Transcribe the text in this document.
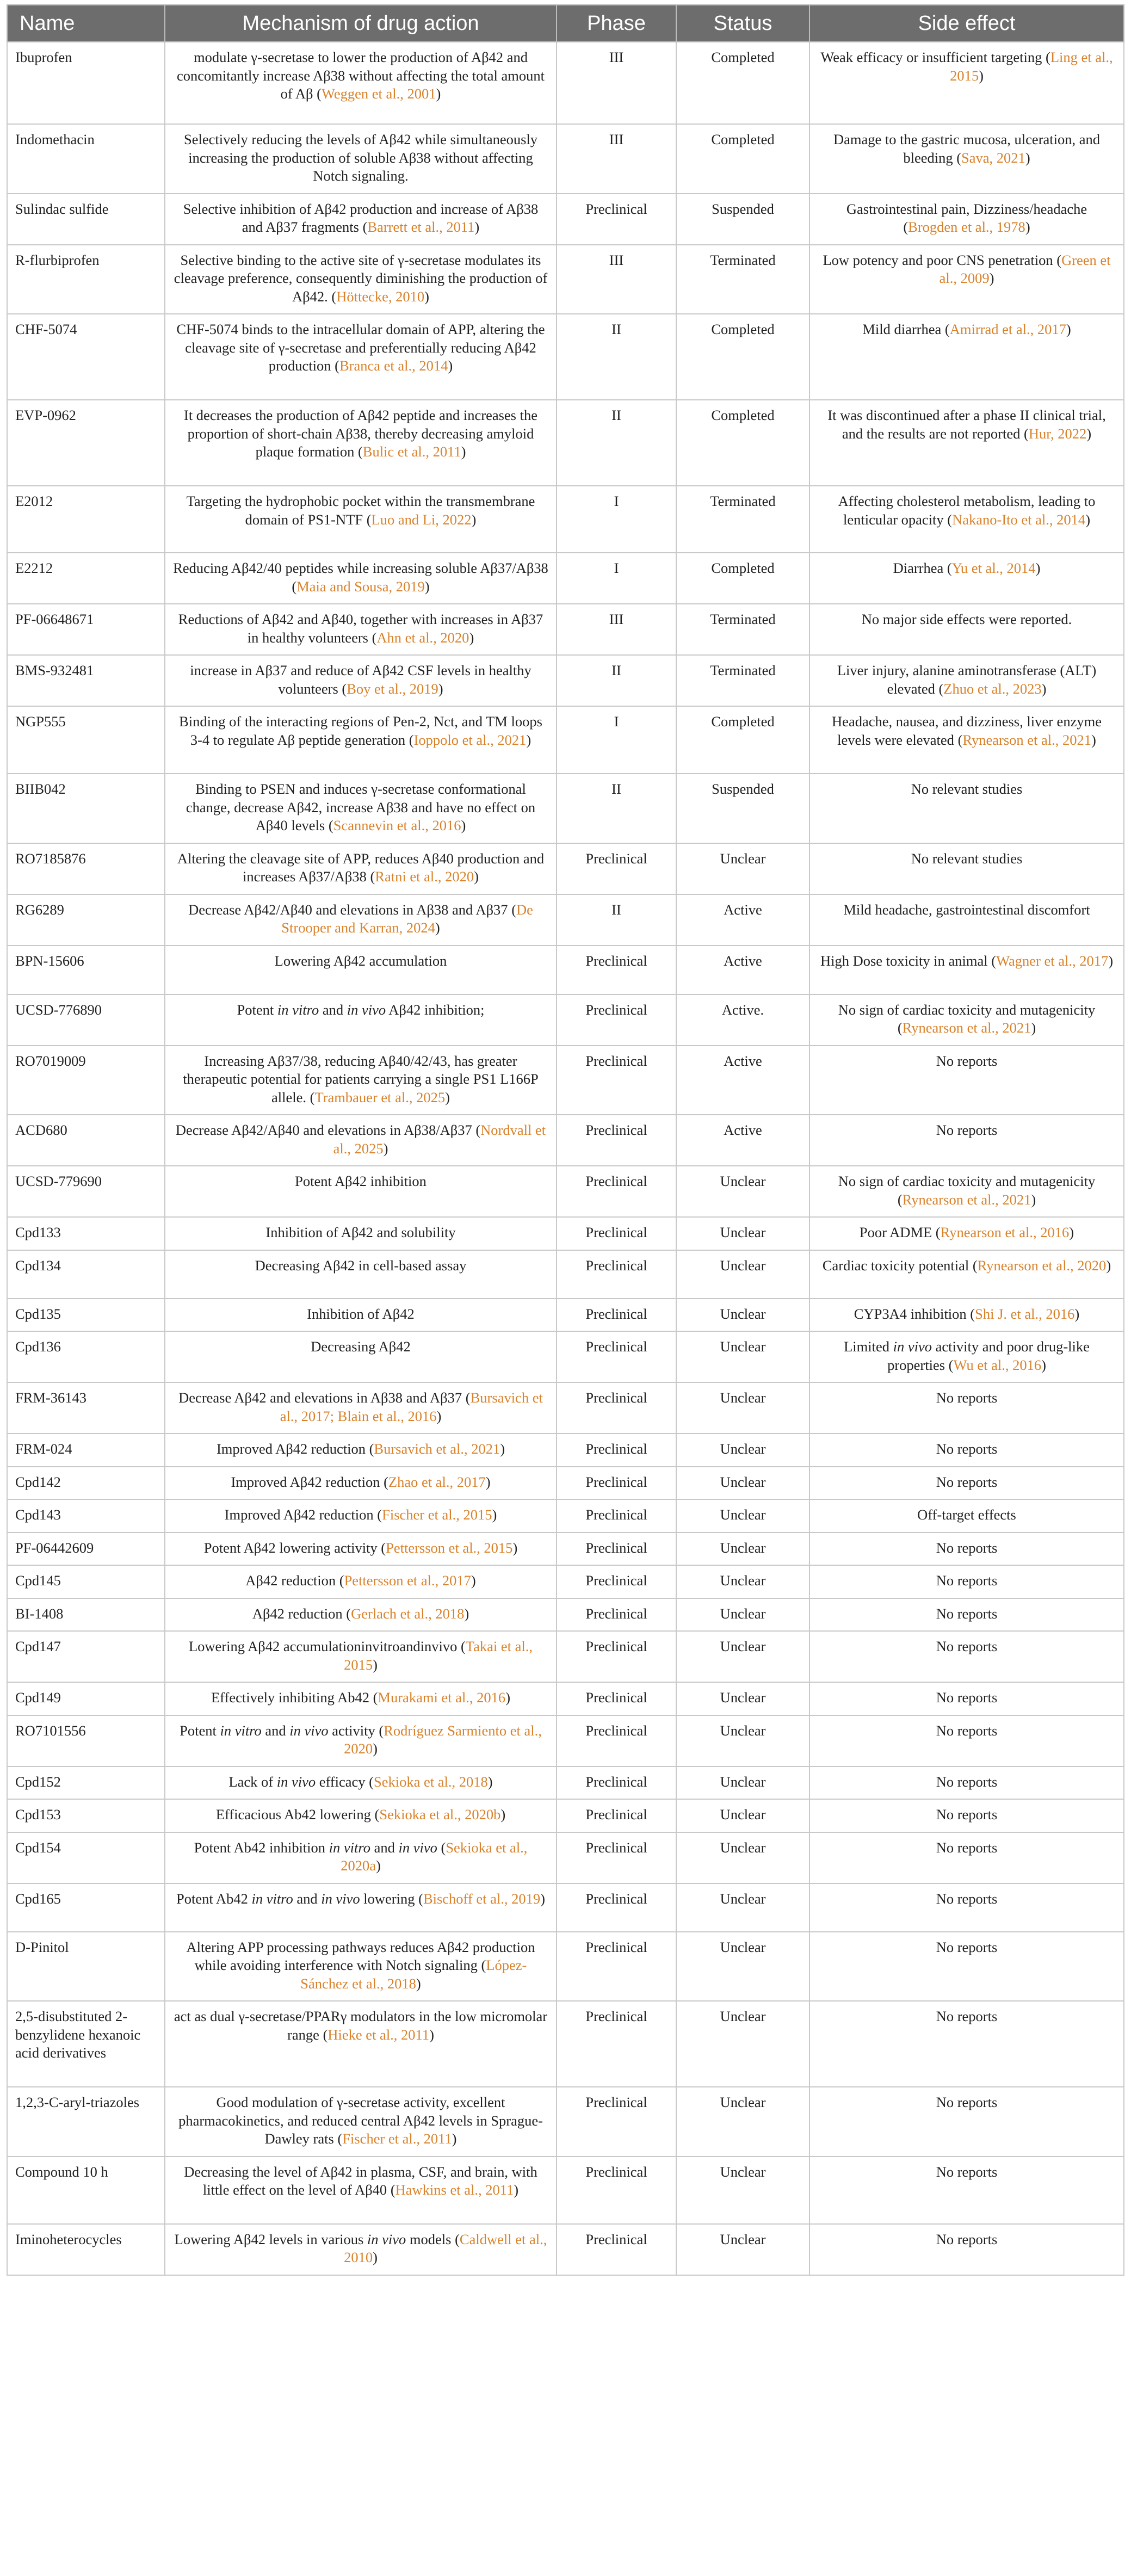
Name	Mechanism of drug action	Phase	Status	Side effect
Ibuprofen	modulate γ-secretase to lower the production of Aβ42 and concomitantly increase Aβ38 without affecting the total amount of Aβ (Weggen et al., 2001)	III	Completed	Weak efficacy or insufficient targeting (Ling et al., 2015)
Indomethacin	Selectively reducing the levels of Aβ42 while simultaneously increasing the production of soluble Aβ38 without affecting Notch signaling.	III	Completed	Damage to the gastric mucosa, ulceration, and bleeding (Sava, 2021)
Sulindac sulfide	Selective inhibition of Aβ42 production and increase of Aβ38 and Aβ37 fragments (Barrett et al., 2011)	Preclinical	Suspended	Gastrointestinal pain, Dizziness/headache (Brogden et al., 1978)
R-flurbiprofen	Selective binding to the active site of γ-secretase modulates its cleavage preference, consequently diminishing the production of Aβ42. (Höttecke, 2010)	III	Terminated	Low potency and poor CNS penetration (Green et al., 2009)
CHF-5074	CHF-5074 binds to the intracellular domain of APP, altering the cleavage site of γ-secretase and preferentially reducing Aβ42 production (Branca et al., 2014)	II	Completed	Mild diarrhea (Amirrad et al., 2017)
EVP-0962	It decreases the production of Aβ42 peptide and increases the proportion of short-chain Aβ38, thereby decreasing amyloid plaque formation (Bulic et al., 2011)	II	Completed	It was discontinued after a phase II clinical trial, and the results are not reported (Hur, 2022)
E2012	Targeting the hydrophobic pocket within the transmembrane domain of PS1-NTF (Luo and Li, 2022)	I	Terminated	Affecting cholesterol metabolism, leading to lenticular opacity (Nakano-Ito et al., 2014)
E2212	Reducing Aβ42/40 peptides while increasing soluble Aβ37/Aβ38 (Maia and Sousa, 2019)	I	Completed	Diarrhea (Yu et al., 2014)
PF-06648671	Reductions of Aβ42 and Aβ40, together with increases in Aβ37 in healthy volunteers (Ahn et al., 2020)	III	Terminated	No major side effects were reported.
BMS-932481	increase in Aβ37 and reduce of Aβ42 CSF levels in healthy volunteers (Boy et al., 2019)	II	Terminated	Liver injury, alanine aminotransferase (ALT) elevated (Zhuo et al., 2023)
NGP555	Binding of the interacting regions of Pen-2, Nct, and TM loops 3-4 to regulate Aβ peptide generation (Ioppolo et al., 2021)	I	Completed	Headache, nausea, and dizziness, liver enzyme levels were elevated (Rynearson et al., 2021)
BIIB042	Binding to PSEN and induces γ-secretase conformational change, decrease Aβ42, increase Aβ38 and have no effect on Aβ40 levels (Scannevin et al., 2016)	II	Suspended	No relevant studies
RO7185876	Altering the cleavage site of APP, reduces Aβ40 production and increases Aβ37/Aβ38 (Ratni et al., 2020)	Preclinical	Unclear	No relevant studies
RG6289	Decrease Aβ42/Aβ40 and elevations in Aβ38 and Aβ37 (De Strooper and Karran, 2024)	II	Active	Mild headache, gastrointestinal discomfort
BPN-15606	Lowering Aβ42 accumulation	Preclinical	Active	High Dose toxicity in animal (Wagner et al., 2017)
UCSD-776890	Potent in vitro and in vivo Aβ42 inhibition;	Preclinical	Active.	No sign of cardiac toxicity and mutagenicity (Rynearson et al., 2021)
RO7019009	Increasing Aβ37/38, reducing Aβ40/42/43, has greater therapeutic potential for patients carrying a single PS1 L166P allele. (Trambauer et al., 2025)	Preclinical	Active	No reports
ACD680	Decrease Aβ42/Aβ40 and elevations in Aβ38/Aβ37 (Nordvall et al., 2025)	Preclinical	Active	No reports
UCSD-779690	Potent Aβ42 inhibition	Preclinical	Unclear	No sign of cardiac toxicity and mutagenicity (Rynearson et al., 2021)
Cpd133	Inhibition of Aβ42 and solubility	Preclinical	Unclear	Poor ADME (Rynearson et al., 2016)
Cpd134	Decreasing Aβ42 in cell-based assay	Preclinical	Unclear	Cardiac toxicity potential (Rynearson et al., 2020)
Cpd135	Inhibition of Aβ42	Preclinical	Unclear	CYP3A4 inhibition (Shi J. et al., 2016)
Cpd136	Decreasing Aβ42	Preclinical	Unclear	Limited in vivo activity and poor drug-like properties (Wu et al., 2016)
FRM-36143	Decrease Aβ42 and elevations in Aβ38 and Aβ37 (Bursavich et al., 2017; Blain et al., 2016)	Preclinical	Unclear	No reports
FRM-024	Improved Aβ42 reduction (Bursavich et al., 2021)	Preclinical	Unclear	No reports
Cpd142	Improved Aβ42 reduction (Zhao et al., 2017)	Preclinical	Unclear	No reports
Cpd143	Improved Aβ42 reduction (Fischer et al., 2015)	Preclinical	Unclear	Off-target effects
PF-06442609	Potent Aβ42 lowering activity (Pettersson et al., 2015)	Preclinical	Unclear	No reports
Cpd145	Aβ42 reduction (Pettersson et al., 2017)	Preclinical	Unclear	No reports
BI-1408	Aβ42 reduction (Gerlach et al., 2018)	Preclinical	Unclear	No reports
Cpd147	Lowering Aβ42 accumulationinvitroandinvivo (Takai et al., 2015)	Preclinical	Unclear	No reports
Cpd149	Effectively inhibiting Ab42 (Murakami et al., 2016)	Preclinical	Unclear	No reports
RO7101556	Potent in vitro and in vivo activity (Rodríguez Sarmiento et al., 2020)	Preclinical	Unclear	No reports
Cpd152	Lack of in vivo efficacy (Sekioka et al., 2018)	Preclinical	Unclear	No reports
Cpd153	Efficacious Ab42 lowering (Sekioka et al., 2020b)	Preclinical	Unclear	No reports
Cpd154	Potent Ab42 inhibition in vitro and in vivo (Sekioka et al., 2020a)	Preclinical	Unclear	No reports
Cpd165	Potent Ab42 in vitro and in vivo lowering (Bischoff et al., 2019)	Preclinical	Unclear	No reports
D-Pinitol	Altering APP processing pathways reduces Aβ42 production while avoiding interference with Notch signaling (López-Sánchez et al., 2018)	Preclinical	Unclear	No reports
2,5-disubstituted 2-benzylidene hexanoic acid derivatives	act as dual γ-secretase/PPARγ modulators in the low micromolar range (Hieke et al., 2011)	Preclinical	Unclear	No reports
1,2,3-C-aryl-triazoles	Good modulation of γ-secretase activity, excellent pharmacokinetics, and reduced central Aβ42 levels in Sprague-Dawley rats (Fischer et al., 2011)	Preclinical	Unclear	No reports
Compound 10 h	Decreasing the level of Aβ42 in plasma, CSF, and brain, with little effect on the level of Aβ40 (Hawkins et al., 2011)	Preclinical	Unclear	No reports
Iminoheterocycles	Lowering Aβ42 levels in various in vivo models (Caldwell et al., 2010)	Preclinical	Unclear	No reports
